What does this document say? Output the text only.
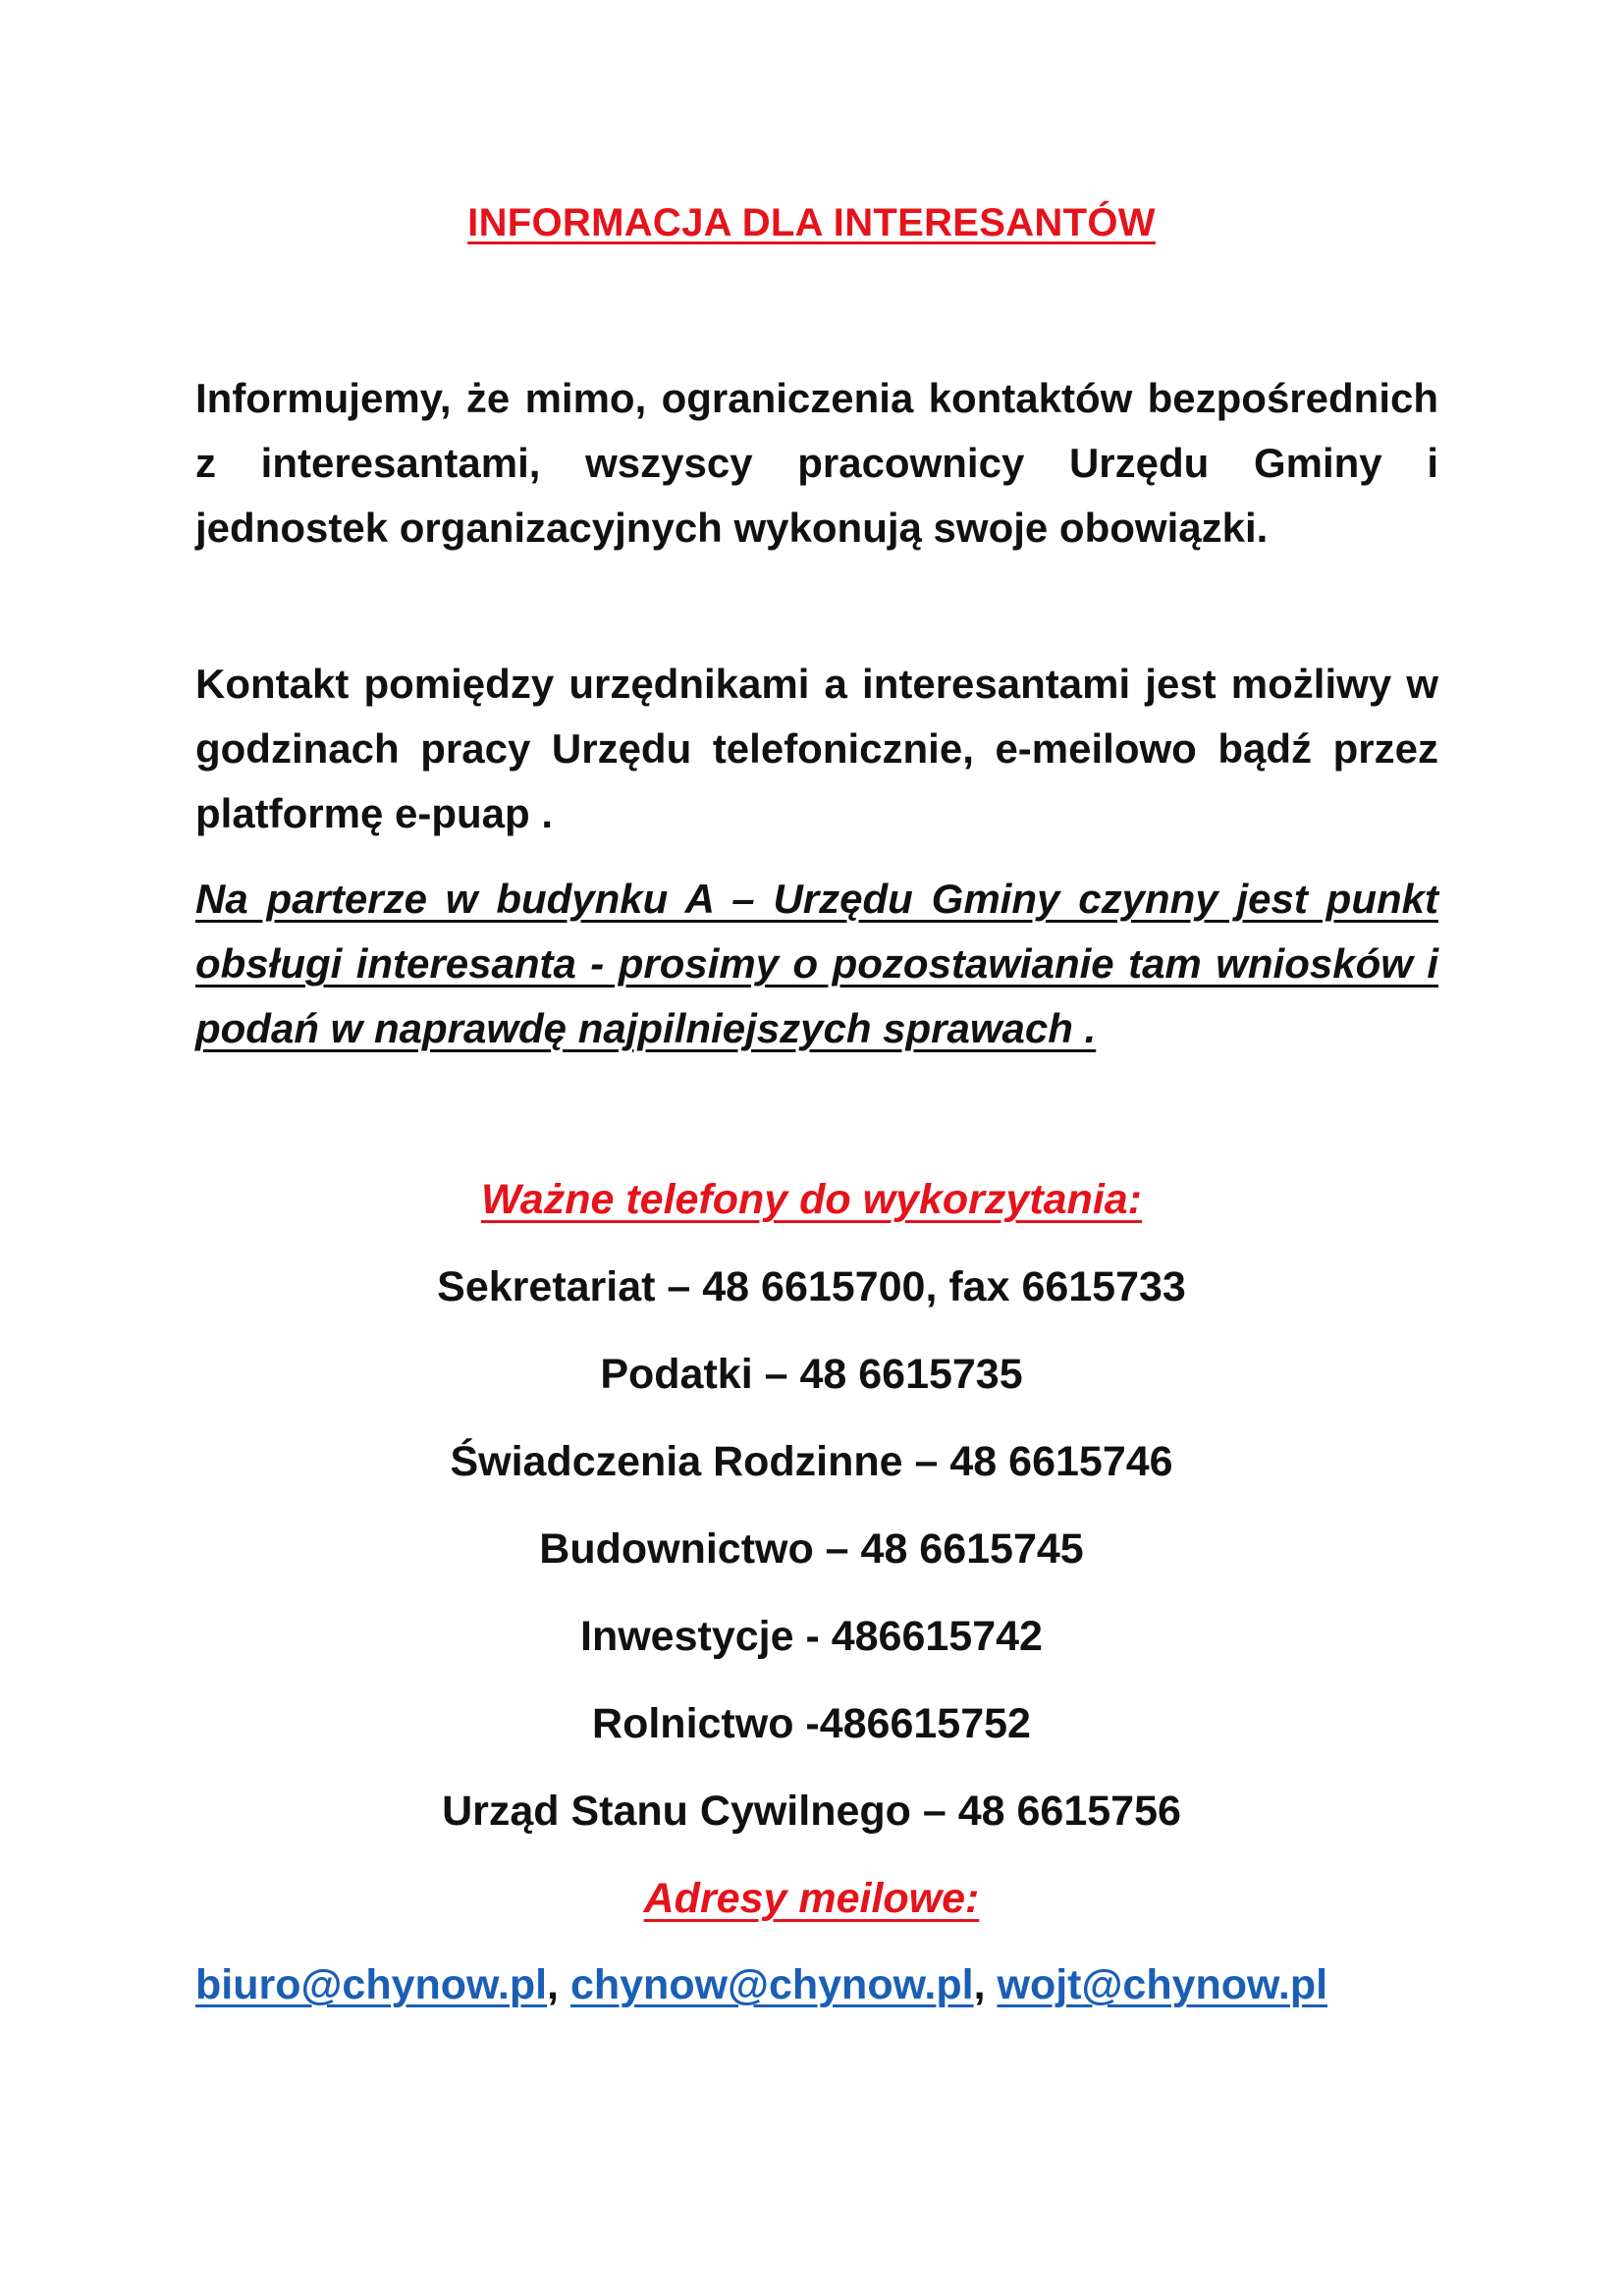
INFORMACJA DLA INTERESANTÓW

Informujemy, że mimo, ograniczenia kontaktów bezpośrednich z interesantami, wszyscy pracownicy Urzędu Gminy i jednostek organizacyjnych wykonują swoje obowiązki.

Kontakt pomiędzy urzędnikami a interesantami jest możliwy w godzinach pracy Urzędu telefonicznie, e-meilowo bądź przez platformę e-puap .

Na parterze w budynku A – Urzędu Gminy czynny jest punkt obsługi interesanta - prosimy o pozostawianie tam wniosków i podań w naprawdę najpilniejszych sprawach .

Ważne telefony do wykorzytania:

Sekretariat – 48 6615700, fax 6615733

Podatki – 48 6615735

Świadczenia Rodzinne – 48 6615746

Budownictwo – 48 6615745

Inwestycje - 486615742

Rolnictwo -486615752

Urząd Stanu Cywilnego – 48 6615756

Adresy meilowe:

biuro@chynow.pl, chynow@chynow.pl, wojt@chynow.pl
